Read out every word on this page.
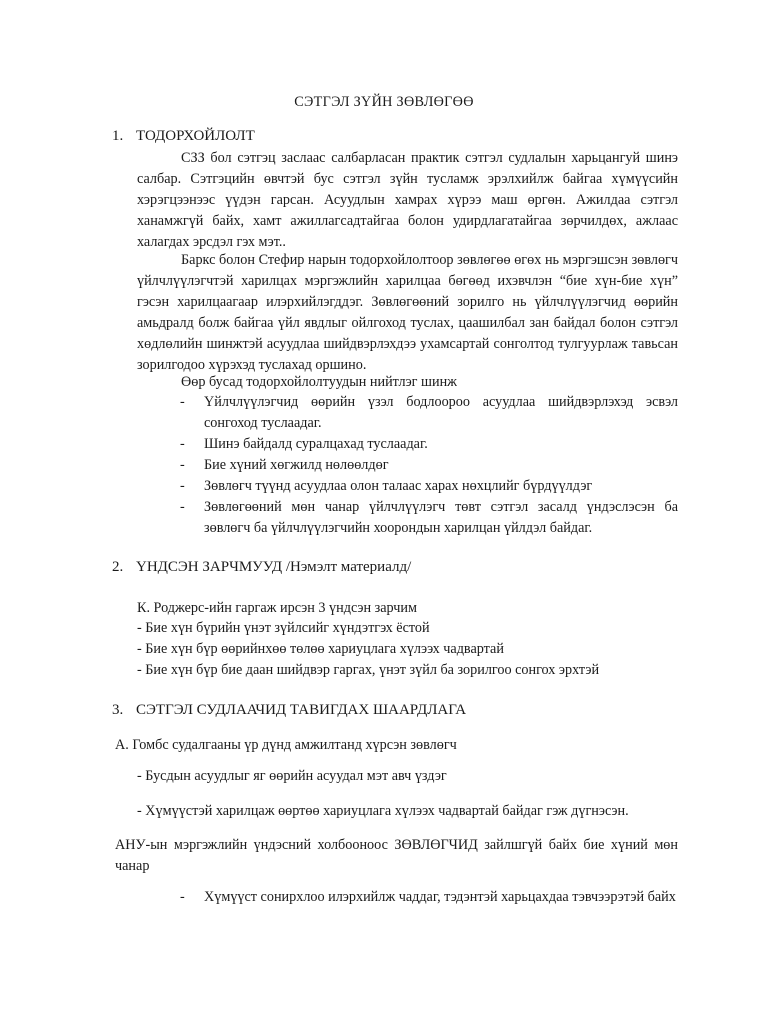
СЭТГЭЛ ЗҮЙН ЗӨВЛӨГӨӨ
1. ТОДОРХОЙЛОЛТ

СЗЗ бол сэтгэц заслаас салбарласан практик сэтгэл судлалын харьцангуй шинэ салбар. Сэтгэцийн өвчтэй бус сэтгэл зүйн тусламж эрэлхийлж байгаа хүмүүсийн хэрэгцээнээс үүдэн гарсан. Асуудлын хамрах хүрээ маш өргөн. Ажилдаа сэтгэл ханамжгүй байх, хамт ажиллагсадтайгаа болон удирдлагатайгаа зөрчилдөх, ажлаас халагдах эрсдэл гэх мэт..

Баркс болон Стефир нарын тодорхойлолтоор зөвлөгөө өгөх нь мэргэшсэн зөвлөгч үйлчлүүлэгчтэй харилцах мэргэжлийн харилцаа бөгөөд ихэвчлэн “бие хүн-бие хүн” гэсэн харилцаагаар илэрхийлэгддэг. Зөвлөгөөний зорилго нь үйлчлүүлэгчид өөрийн амьдралд болж байгаа үйл явдлыг ойлгоход туслах, цаашилбал зан байдал болон сэтгэл хөдлөлийн шинжтэй асуудлаа шийдвэрлэхдээ ухамсартай сонголтод тулгуурлаж тавьсан зорилгодоо хүрэхэд туслахад оршино.

Өөр бусад тодорхойлолтуудын нийтлэг шинж

- Үйлчлүүлэгчид өөрийн үзэл бодлоороо асуудлаа шийдвэрлэхэд эсвэл сонгоход туслаадаг.
- Шинэ байдалд суралцахад туслаадаг.
- Бие хүний хөгжилд нөлөөлдөг
- Зөвлөгч түүнд асуудлаа олон талаас харах нөхцлийг бүрдүүлдэг
- Зөвлөгөөний мөн чанар үйлчлүүлэгч төвт сэтгэл засалд үндэслэсэн ба зөвлөгч ба үйлчлүүлэгчийн хоорондын харилцан үйлдэл байдаг.
2. ҮНДСЭН ЗАРЧМУУД /Нэмэлт материалд/

К. Роджерс-ийн гаргаж ирсэн 3 үндсэн зарчим

- Бие хүн бүрийн үнэт зүйлсийг хүндэтгэх ёстой

- Бие хүн бүр өөрийнхөө төлөө хариуцлага хүлээх чадвартай

- Бие хүн бүр бие даан шийдвэр гаргах, үнэт зүйл ба зорилгоо сонгох эрхтэй

3. СЭТГЭЛ СУДЛААЧИД ТАВИГДАХ ШААРДЛАГА

А. Гомбс судалгааны үр дүнд амжилтанд хүрсэн зөвлөгч

- Бусдын асуудлыг яг өөрийн асуудал мэт авч үздэг

- Хүмүүстэй харилцаж өөртөө хариуцлага хүлээх чадвартай байдаг гэж дүгнэсэн.

АНУ-ын мэргэжлийн үндэсний холбооноос ЗӨВЛӨГЧИД зайлшгүй байх бие хүний мөн чанар

- Хүмүүст сонирхлоо илэрхийлж чаддаг, тэдэнтэй харьцахдаа тэвчээрэтэй байх
